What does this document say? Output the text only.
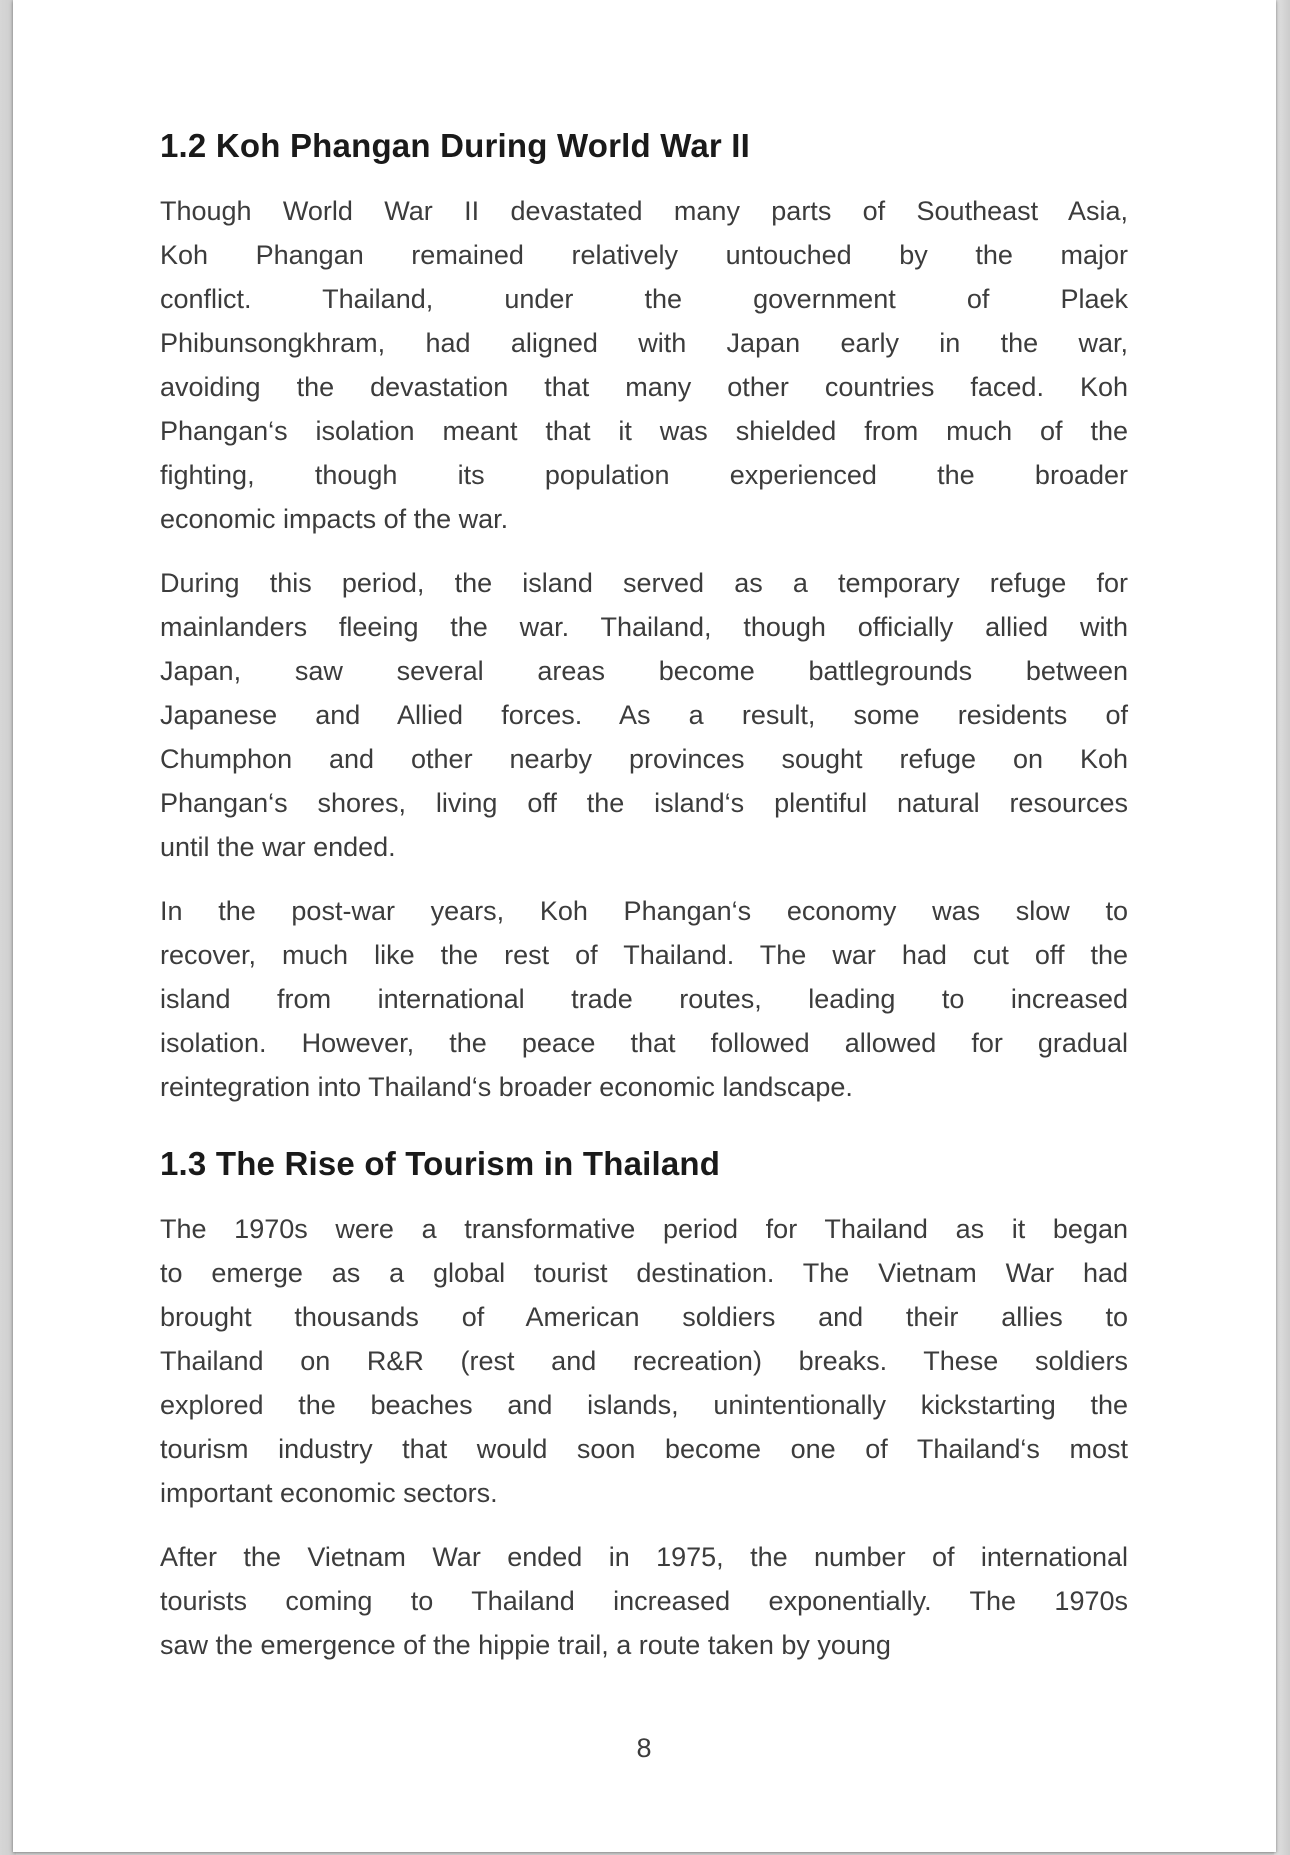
1.2 Koh Phangan During World War II
Though World War II devastated many parts of Southeast Asia,
Koh Phangan remained relatively untouched by the major
conflict. Thailand, under the government of Plaek
Phibunsongkhram, had aligned with Japan early in the war,
avoiding the devastation that many other countries faced. Koh
Phangan‘s isolation meant that it was shielded from much of the
fighting, though its population experienced the broader
economic impacts of the war.
During this period, the island served as a temporary refuge for
mainlanders fleeing the war. Thailand, though officially allied with
Japan, saw several areas become battlegrounds between
Japanese and Allied forces. As a result, some residents of
Chumphon and other nearby provinces sought refuge on Koh
Phangan‘s shores, living off the island‘s plentiful natural resources
until the war ended.
In the post-war years, Koh Phangan‘s economy was slow to
recover, much like the rest of Thailand. The war had cut off the
island from international trade routes, leading to increased
isolation. However, the peace that followed allowed for gradual
reintegration into Thailand‘s broader economic landscape.
1.3 The Rise of Tourism in Thailand
The 1970s were a transformative period for Thailand as it began
to emerge as a global tourist destination. The Vietnam War had
brought thousands of American soldiers and their allies to
Thailand on R&R (rest and recreation) breaks. These soldiers
explored the beaches and islands, unintentionally kickstarting the
tourism industry that would soon become one of Thailand‘s most
important economic sectors.
After the Vietnam War ended in 1975, the number of international
tourists coming to Thailand increased exponentially. The 1970s
saw the emergence of the hippie trail, a route taken by young
8
